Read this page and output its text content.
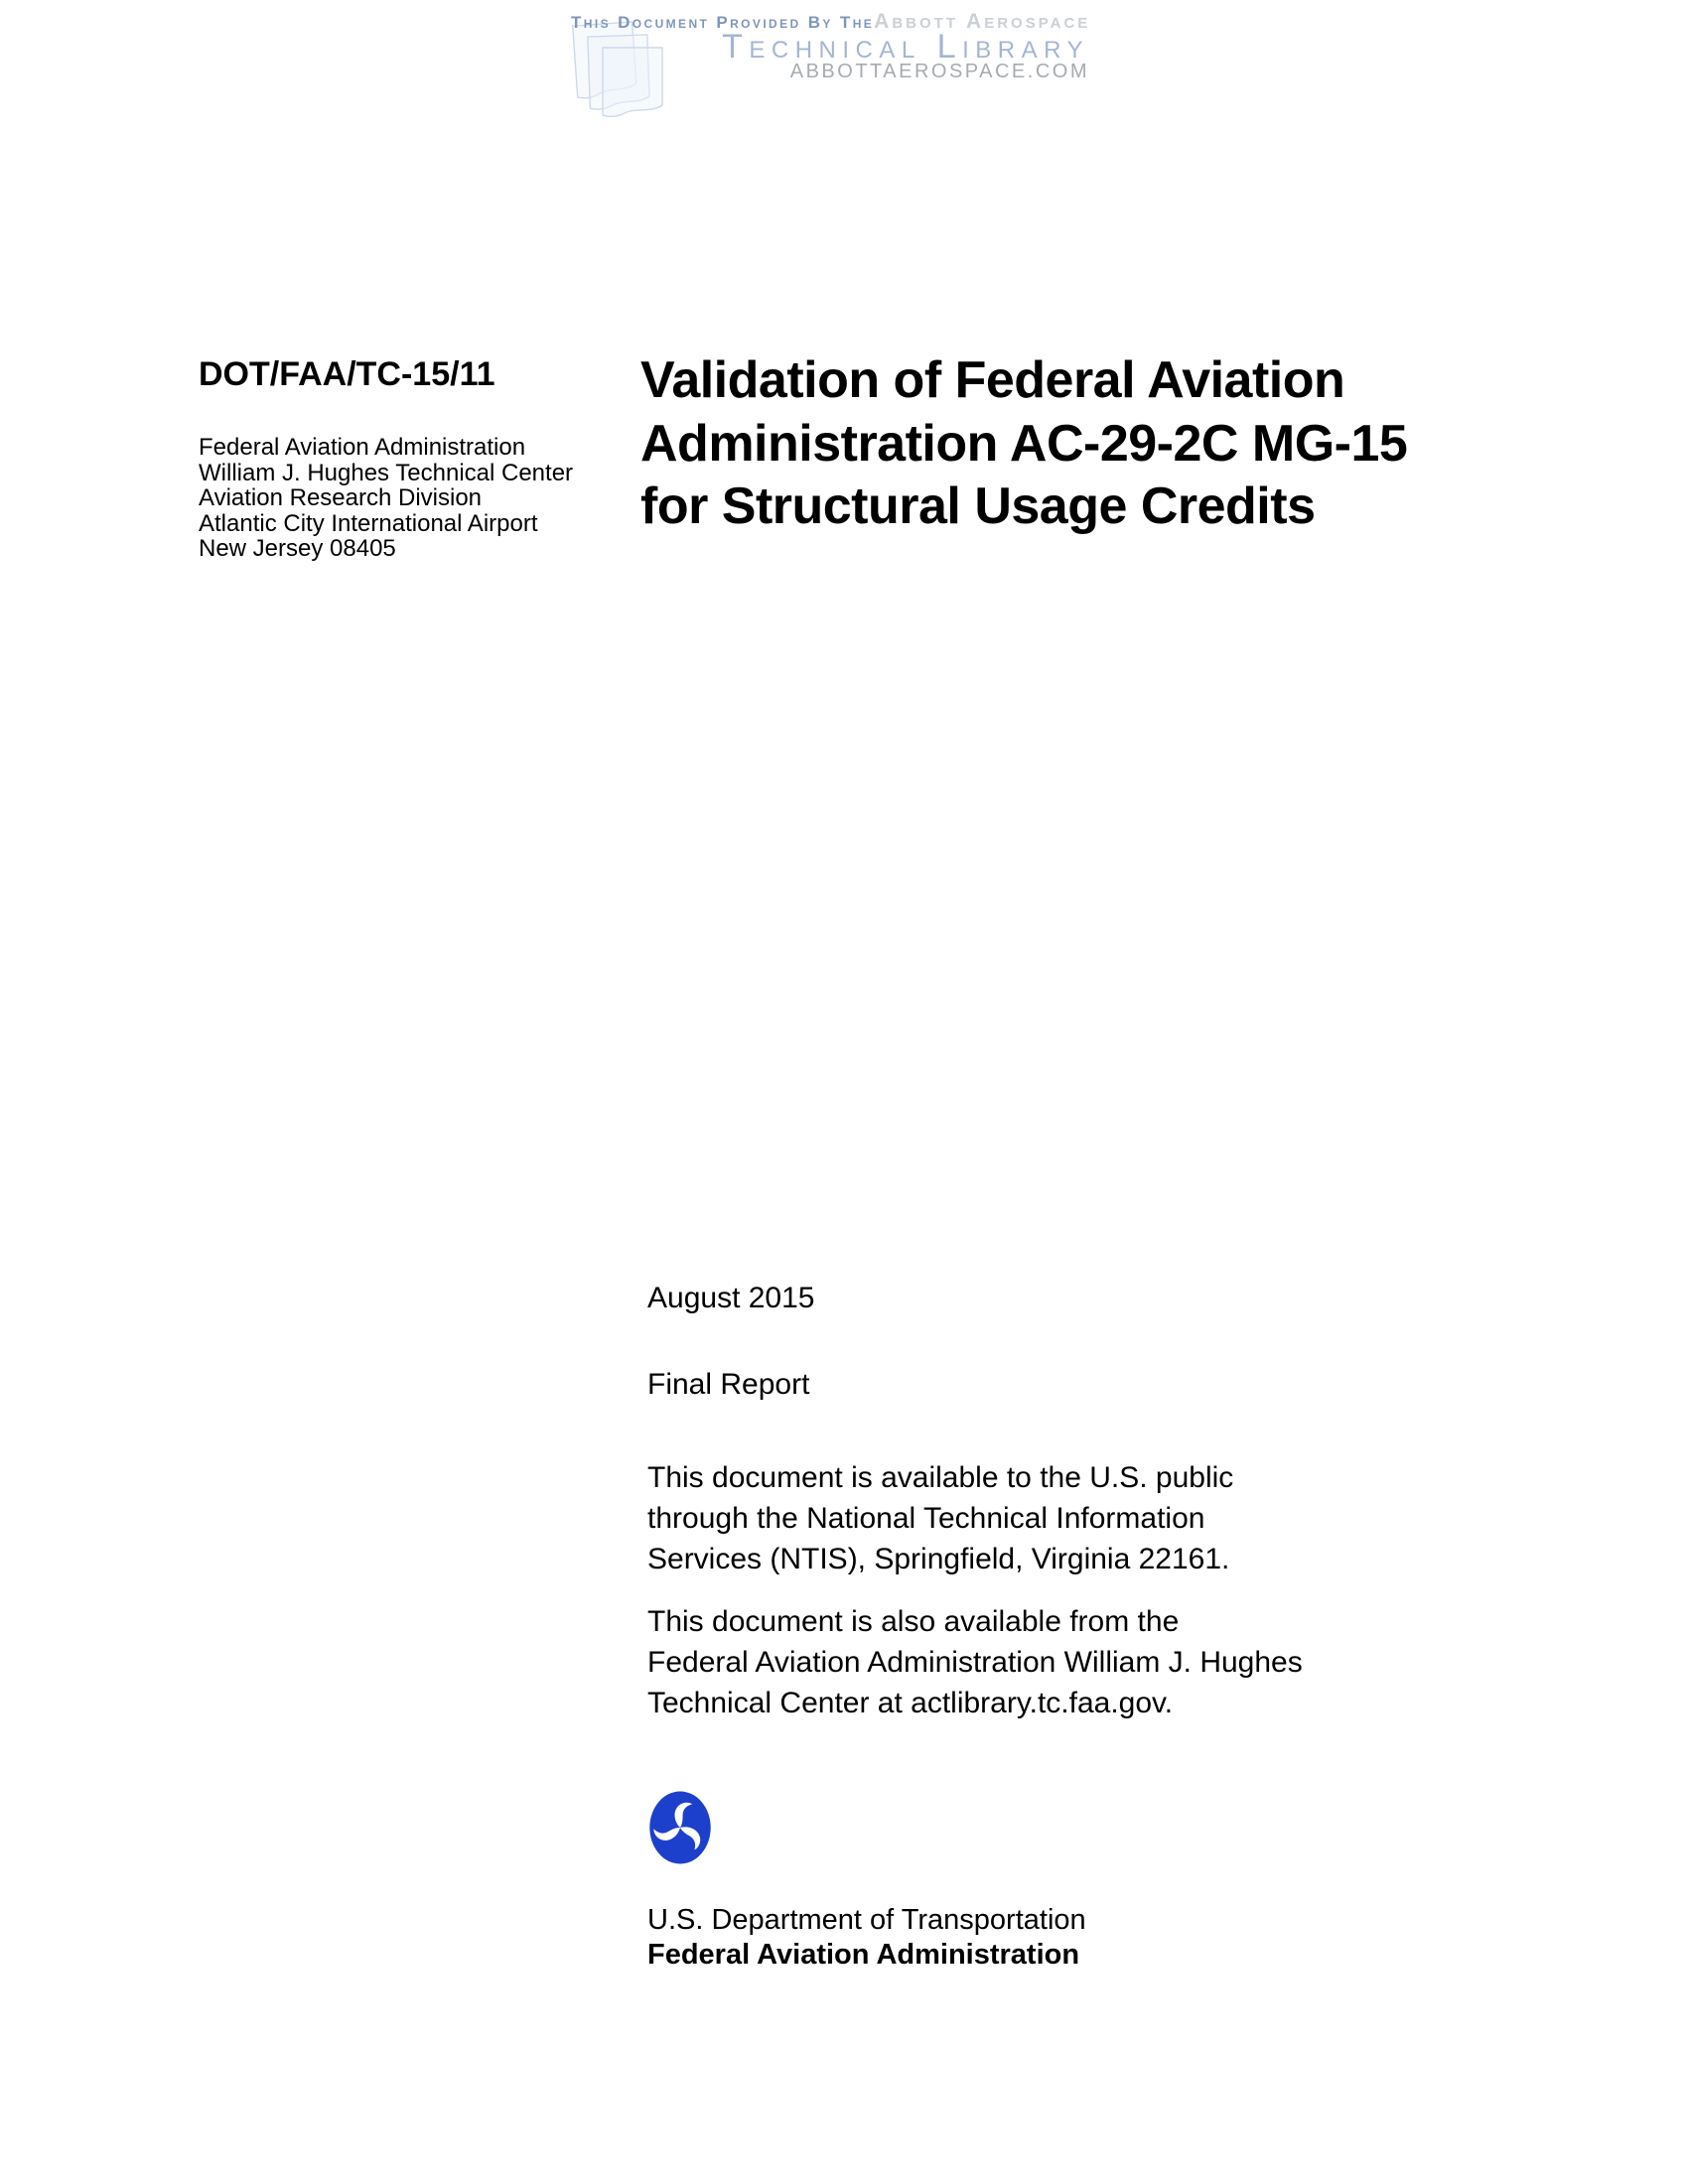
This Document Provided By The Abbott Aerospace
Technical Library
ABBOTTAEROSPACE.COM
DOT/FAA/TC-15/11
Federal Aviation Administration
William J. Hughes Technical Center
Aviation Research Division
Atlantic City International Airport
New Jersey 08405
Validation of Federal Aviation
Administration AC-29-2C MG-15
for Structural Usage Credits
August 2015
Final Report
This document is available to the U.S. public
through the National Technical Information
Services (NTIS), Springfield, Virginia 22161.
This document is also available from the
Federal Aviation Administration William J. Hughes
Technical Center at actlibrary.tc.faa.gov.
U.S. Department of Transportation
Federal Aviation Administration
